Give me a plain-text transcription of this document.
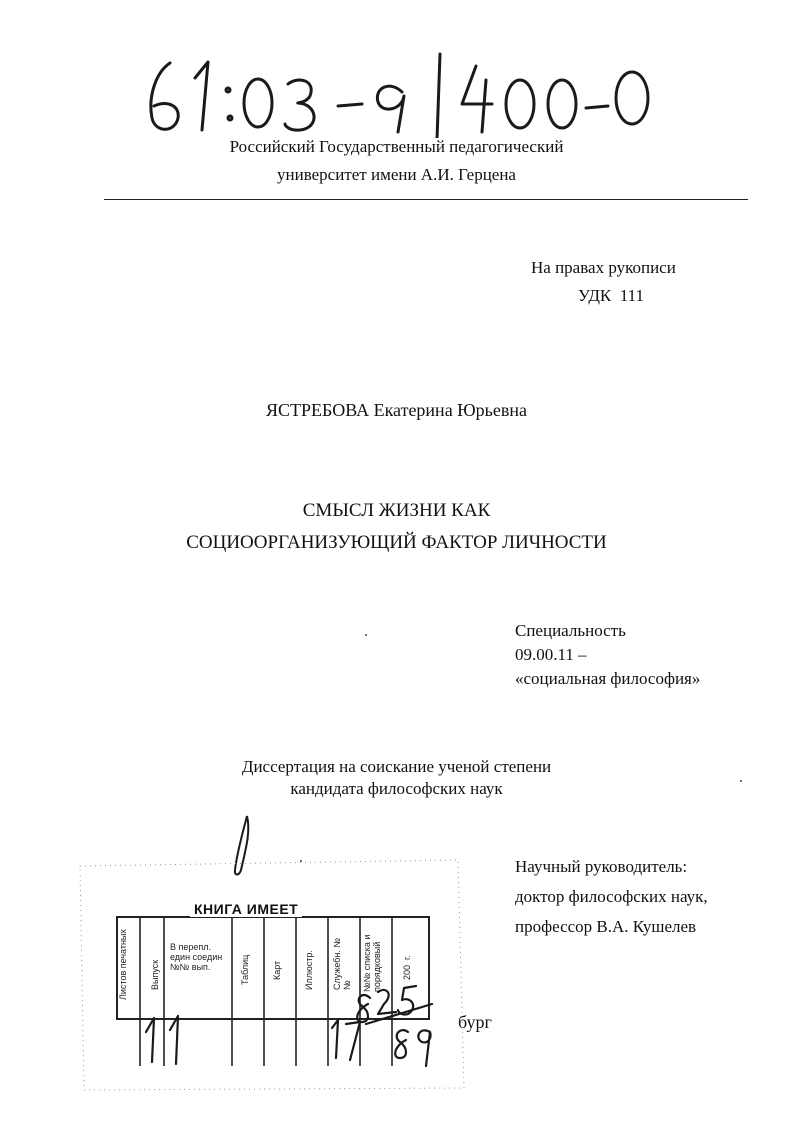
Российский Государственный педагогический
университет имени А.И. Герцена
На правах рукописи
УДК  111
ЯСТРЕБОВА Екатерина Юрьевна
СМЫСЛ ЖИЗНИ КАК
СОЦИООРГАНИЗУЮЩИЙ ФАКТОР ЛИЧНОСТИ
Специальность
09.00.11 –
«социальная философия»
Диссертация на соискание ученой степени
кандидата философских наук
Научный руководитель:
доктор философских наук,
профессор В.А. Кушелев
бург
КНИГА ИМЕЕТ
Листов печатных Выпуск
В перепл. един соедин №№ вып.	Таблиц Карт Иллюстр. Служебн. №№ №№ списка и порядковый 200  г.
